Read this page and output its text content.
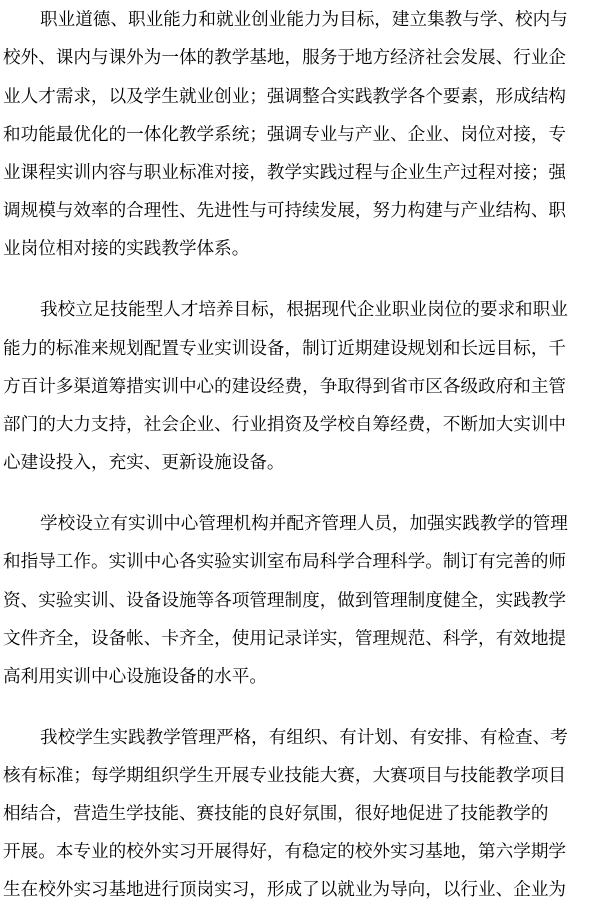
职业道德、职业能力和就业创业能力为目标，建立集教与学、校内与
校外、课内与课外为一体的教学基地，服务于地方经济社会发展、行业企
业人才需求，以及学生就业创业；强调整合实践教学各个要素，形成结构
和功能最优化的一体化教学系统；强调专业与产业、企业、岗位对接，专
业课程实训内容与职业标准对接，教学实践过程与企业生产过程对接；强
调规模与效率的合理性、先进性与可持续发展，努力构建与产业结构、职
业岗位相对接的实践教学体系。
我校立足技能型人才培养目标，根据现代企业职业岗位的要求和职业
能力的标准来规划配置专业实训设备，制订近期建设规划和长远目标，千
方百计多渠道筹措实训中心的建设经费，争取得到省市区各级政府和主管
部门的大力支持，社会企业、行业捐资及学校自筹经费，不断加大实训中
心建设投入，充实、更新设施设备。
学校设立有实训中心管理机构并配齐管理人员，加强实践教学的管理
和指导工作。实训中心各实验实训室布局科学合理科学。制订有完善的师
资、实验实训、设备设施等各项管理制度，做到管理制度健全，实践教学
文件齐全，设备帐、卡齐全，使用记录详实，管理规范、科学，有效地提
高利用实训中心设施设备的水平。
我校学生实践教学管理严格，有组织、有计划、有安排、有检查、考
核有标准；每学期组织学生开展专业技能大赛，大赛项目与技能教学项目
相结合，营造生学技能、赛技能的良好氛围，很好地促进了技能教学的
开展。本专业的校外实习开展得好，有稳定的校外实习基地，第六学期学
生在校外实习基地进行顶岗实习，形成了以就业为导向，以行业、企业为
